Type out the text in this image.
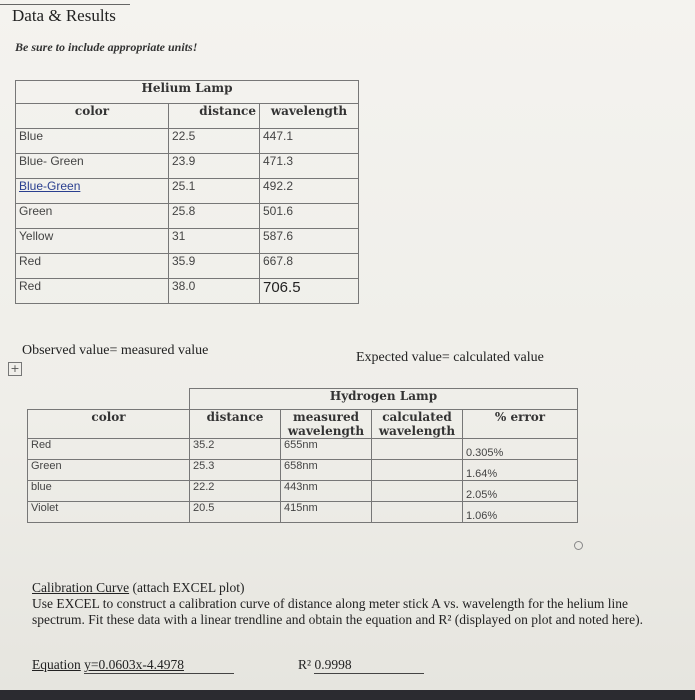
Data & Results
Be sure to include appropriate units!
Helium Lamp		
color	distance	wavelength
Blue	22.5	447.1
Blue- Green	23.9	471.3
Blue-Green	25.1	492.2
Green	25.8	501.6
Yellow	31	587.6
Red	35.9	667.8
Red	38.0	706.5
Observed value= measured value	Expected value= calculated value
+
	Hydrogen Lamp			
color	distance	measured wavelength	calculated wavelength	% error
Red	35.2	655nm		0.305%
Green	25.3	658nm		1.64%
blue	22.2	443nm		2.05%
Violet	20.5	415nm		1.06%
Calibration Curve (attach EXCEL plot)
Use EXCEL to construct a calibration curve of distance along meter stick A vs. wavelength for the helium line spectrum. Fit these data with a linear trendline and obtain the equation and R² (displayed on plot and noted here).
Equation y=0.0603x-4.4978	R² 0.9998
